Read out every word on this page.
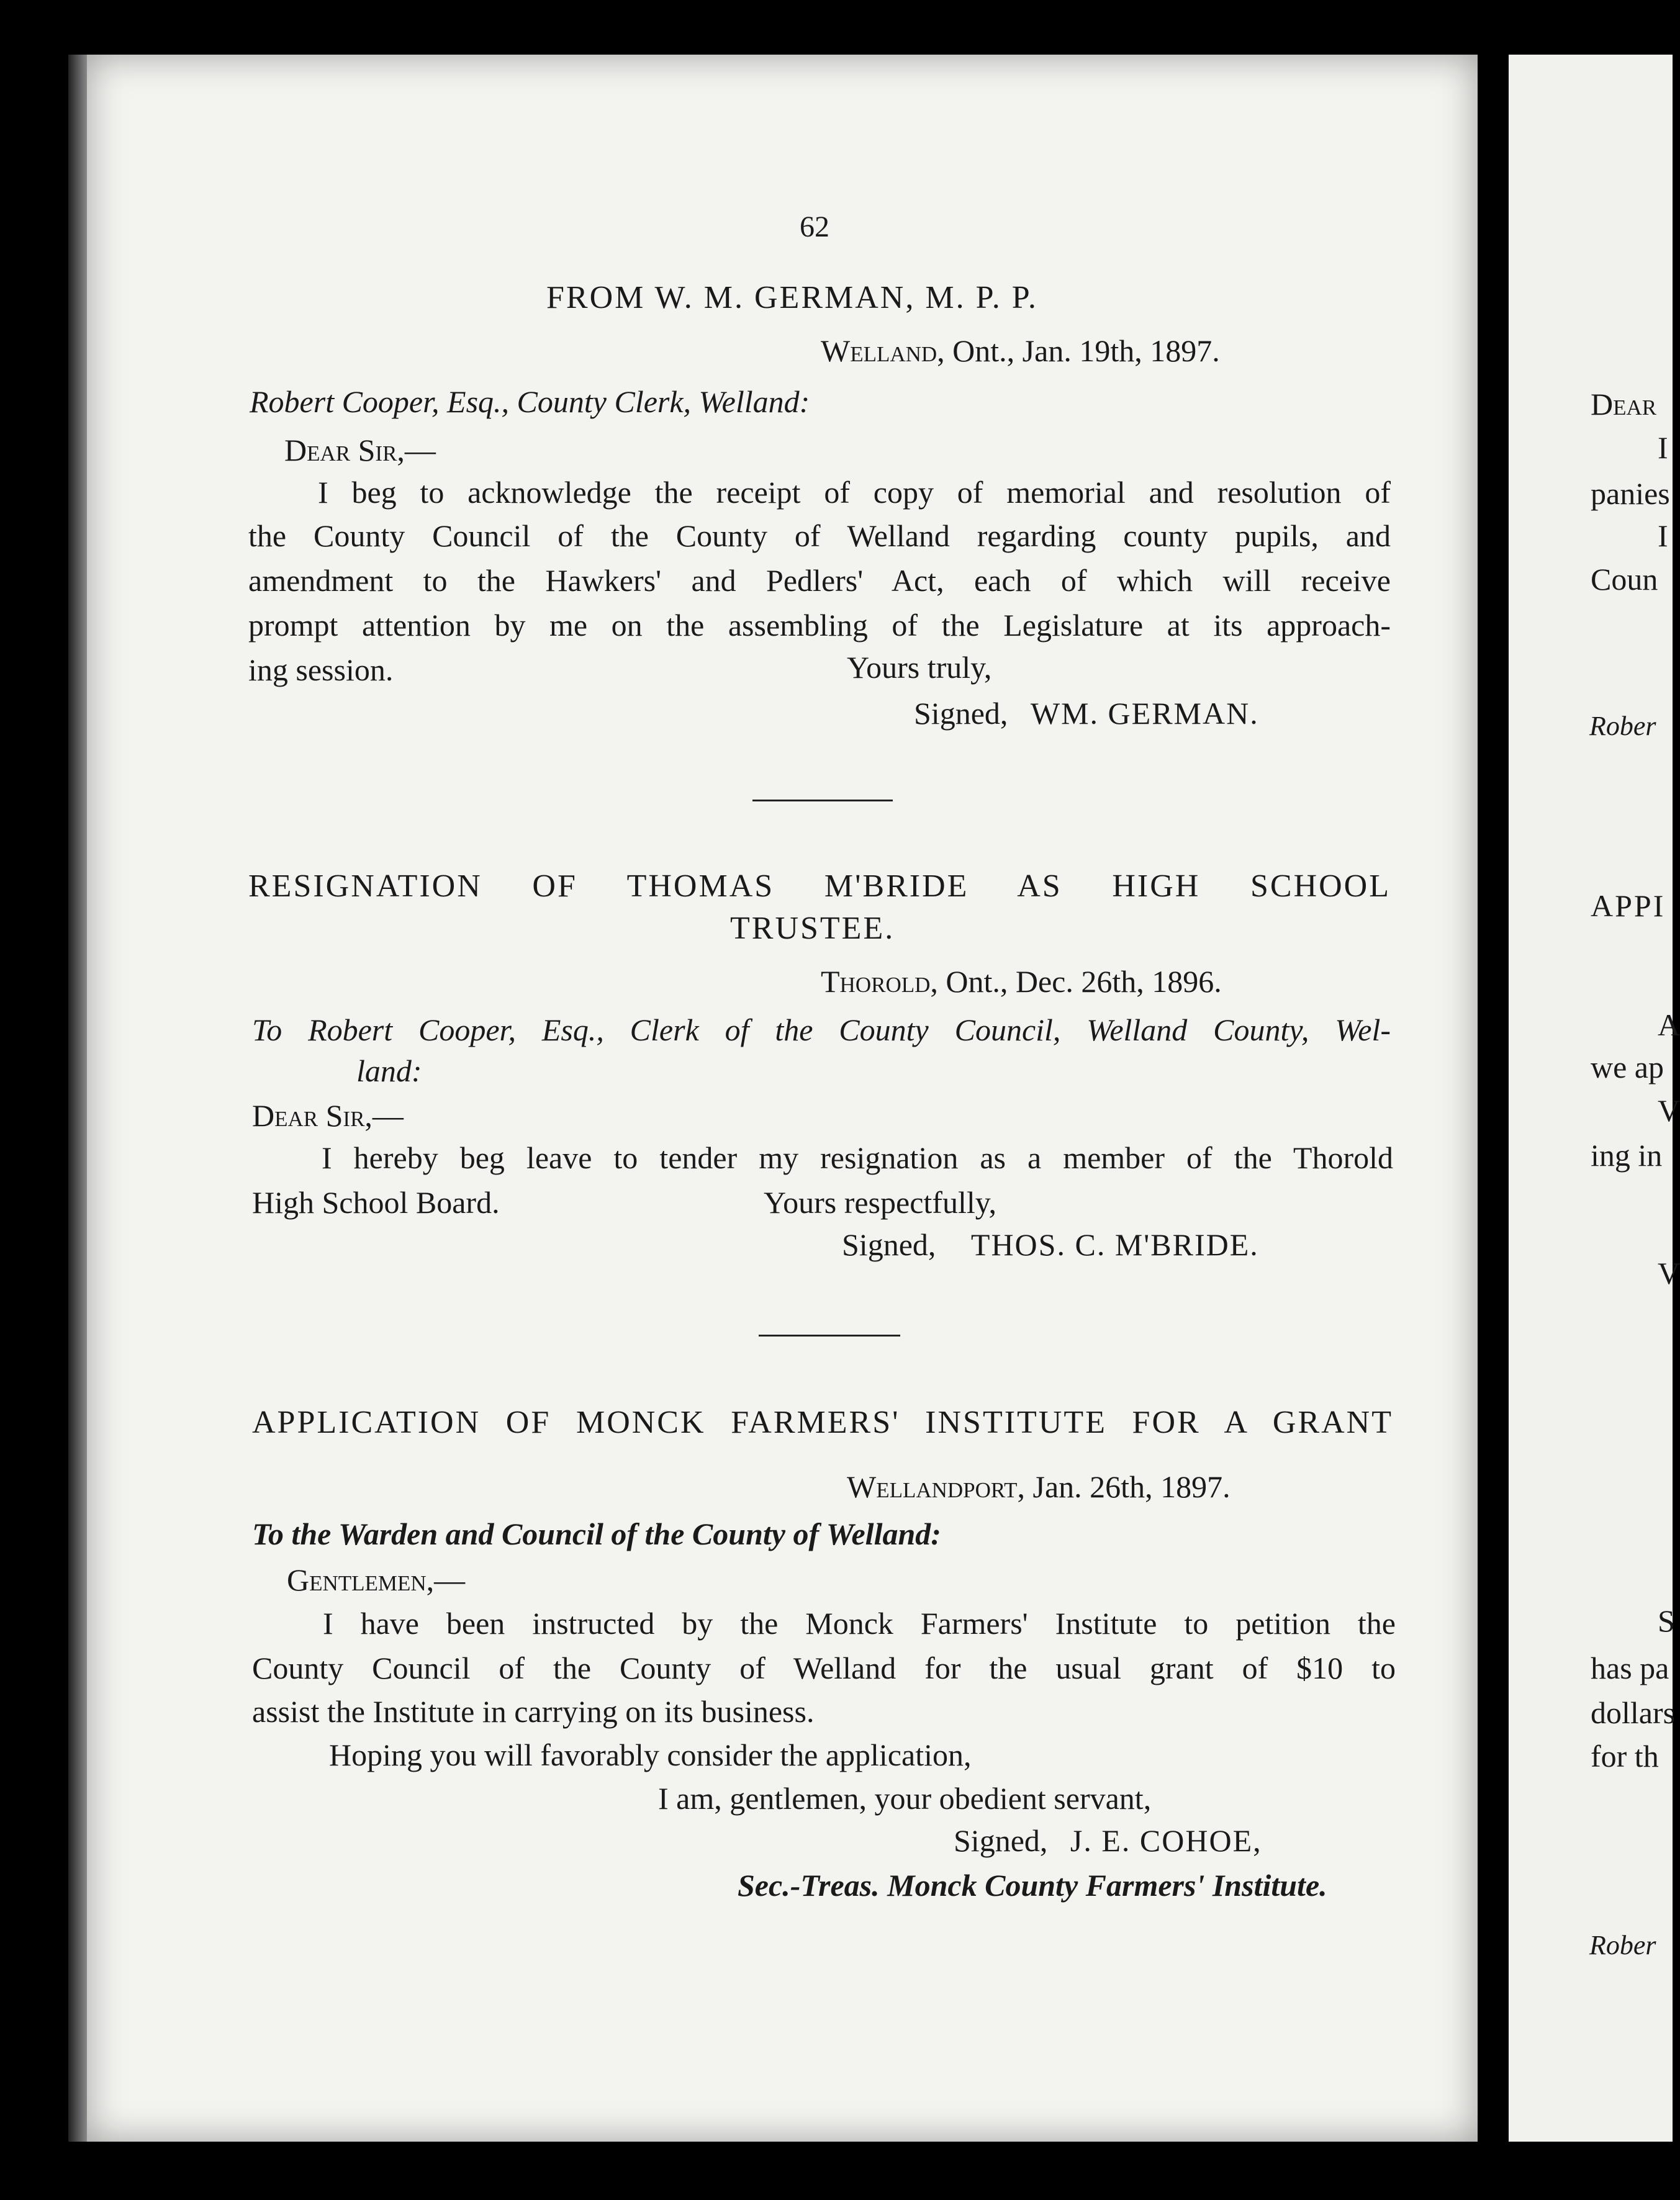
62
FROM W. M. GERMAN, M. P. P.
Welland, Ont., Jan. 19th, 1897.
Robert Cooper, Esq., County Clerk, Welland:
Dear Sir,—
I beg to acknowledge the receipt of copy of memorial and resolution of
the County Council of the County of Welland regarding county pupils, and
amendment to the Hawkers' and Pedlers' Act, each of which will receive
prompt attention by me on the assembling of the Legislature at its approach-
ing session.	Yours truly,
Signed, WM. GERMAN.
RESIGNATION OF THOMAS M'BRIDE AS HIGH SCHOOL
TRUSTEE.
Thorold, Ont., Dec. 26th, 1896.
To Robert Cooper, Esq., Clerk of the County Council, Welland County, Wel-
land:
Dear Sir,—
I hereby beg leave to tender my resignation as a member of the Thorold
High School Board.	Yours respectfully,
Signed, THOS. C. M'BRIDE.
APPLICATION OF MONCK FARMERS' INSTITUTE FOR A GRANT
Wellandport, Jan. 26th, 1897.
To the Warden and Council of the County of Welland:
Gentlemen,—
I have been instructed by the Monck Farmers' Institute to petition the
County Council of the County of Welland for the usual grant of $10 to
assist the Institute in carrying on its business.
Hoping you will favorably consider the application,
I am, gentlemen, your obedient servant,
Signed, J. E. COHOE,
Sec.-Treas. Monck County Farmers' Institute.
Dear
I
panies
I
Coun
Rober
APPI
A
we ap
V
ing in
V
S
has pa
dollars
for th
Rober
